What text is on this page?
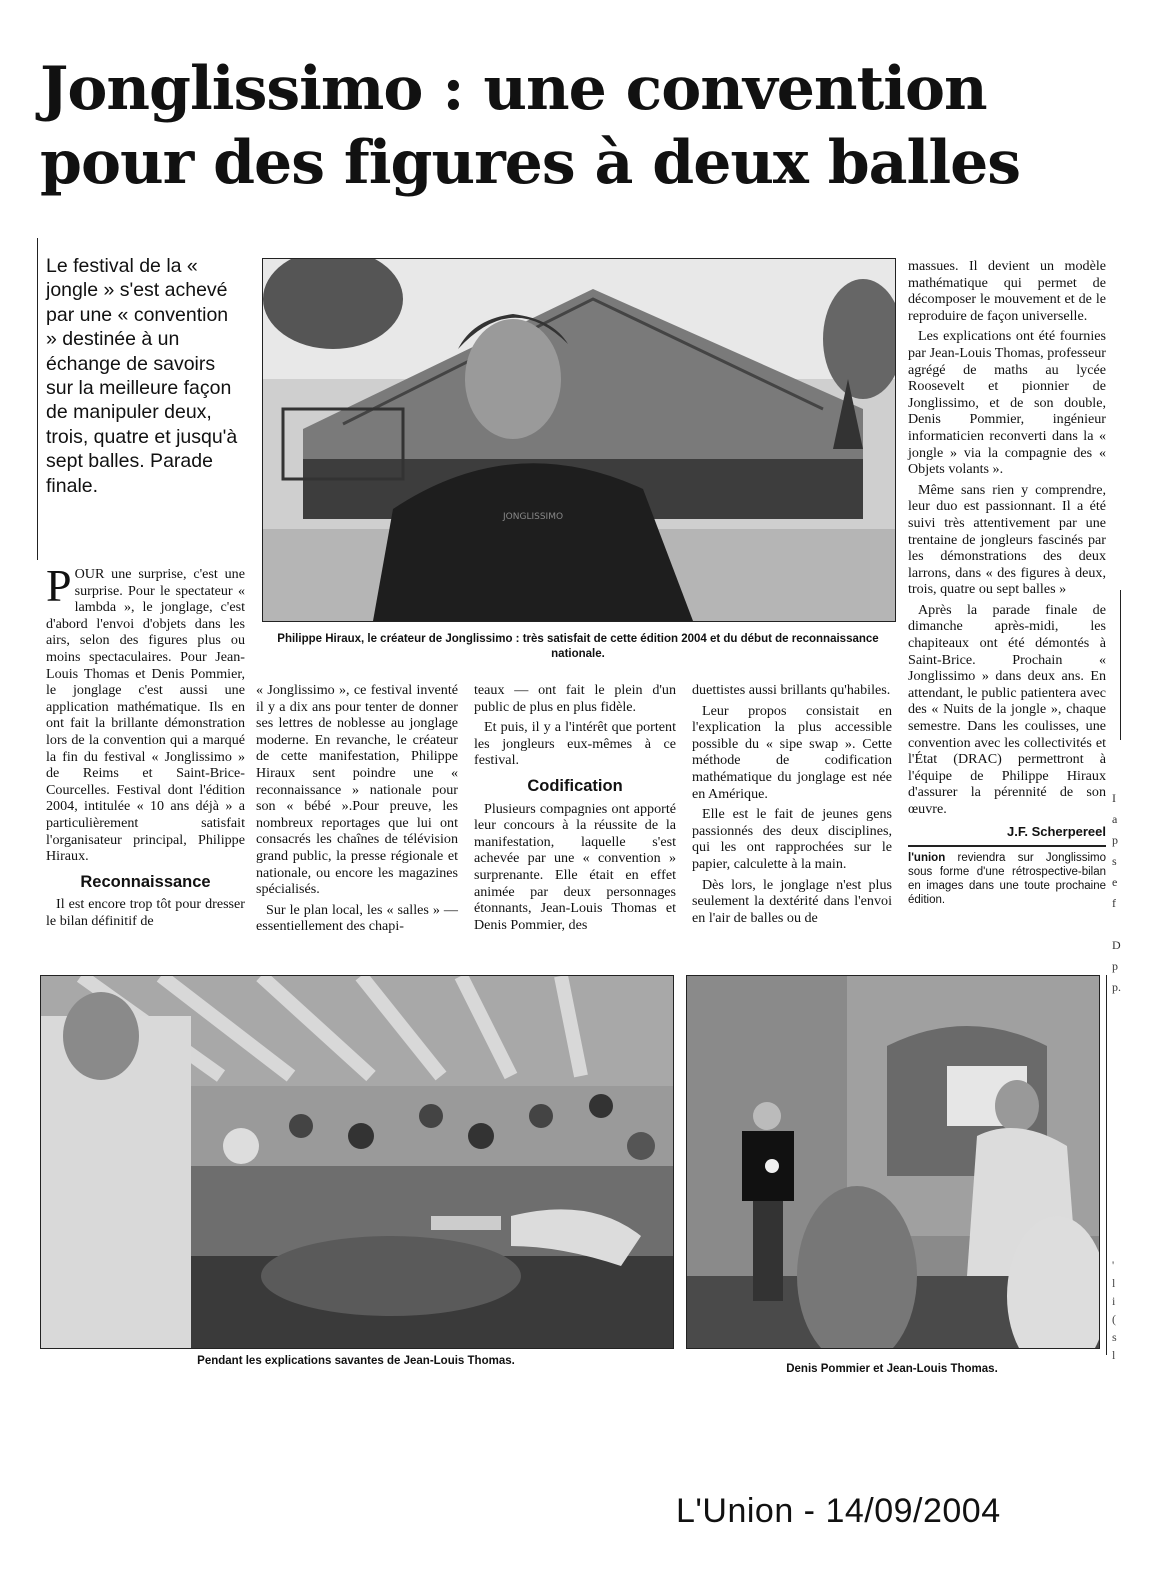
Jonglissimo : une convention
pour des figures à deux balles

Le festival de la « jongle » s'est achevé par une « convention » destinée à un échange de savoirs sur la meilleure façon de manipuler deux, trois, quatre et jusqu'à sept balles. Parade finale.

JONGLISSIMO
Philippe Hiraux, le créateur de Jonglissimo : très satisfait de cette édition 2004 et du début de reconnaissance nationale.

POUR une surprise, c'est une surprise. Pour le spectateur « lambda », le jonglage, c'est d'abord l'envoi d'objets dans les airs, selon des figures plus ou moins spectaculaires. Pour Jean-Louis Thomas et Denis Pommier, le jonglage c'est aussi une application mathématique. Ils en ont fait la brillante démonstration lors de la convention qui a marqué la fin du festival « Jonglissimo » de Reims et Saint-Brice-Courcelles. Festival dont l'édition 2004, intitulée « 10 ans déjà » a particulièrement satisfait l'organisateur principal, Philippe Hiraux.

Reconnaissance

Il est encore trop tôt pour dresser le bilan définitif de

« Jonglissimo », ce festival inventé il y a dix ans pour tenter de donner ses lettres de noblesse au jonglage moderne. En revanche, le créateur de cette manifestation, Philippe Hiraux sent poindre une « reconnaissance » nationale pour son « bébé ».Pour preuve, les nombreux reportages que lui ont consacrés les chaînes de télévision grand public, la presse régionale et nationale, ou encore les magazines spécialisés.

Sur le plan local, les « salles » — essentiellement des chapi-

teaux — ont fait le plein d'un public de plus en plus fidèle.

Et puis, il y a l'intérêt que portent les jongleurs eux-mêmes à ce festival.

Codification

Plusieurs compagnies ont apporté leur concours à la réussite de la manifestation, laquelle s'est achevée par une « convention » surprenante. Elle était en effet animée par deux personnages étonnants, Jean-Louis Thomas et Denis Pommier, des

duettistes aussi brillants qu'habiles.

Leur propos consistait en l'explication la plus accessible possible du « sipe swap ». Cette méthode de codification mathématique du jonglage est née en Amérique.

Elle est le fait de jeunes gens passionnés des deux disciplines, qui les ont rapprochées sur le papier, calculette à la main.

Dès lors, le jonglage n'est plus seulement la dextérité dans l'envoi en l'air de balles ou de

massues. Il devient un modèle mathématique qui permet de décomposer le mouvement et de le reproduire de façon universelle.

Les explications ont été fournies par Jean-Louis Thomas, professeur agrégé de maths au lycée Roosevelt et pionnier de Jonglissimo, et de son double, Denis Pommier, ingénieur informaticien reconverti dans la « jongle » via la compagnie des « Objets volants ».

Même sans rien y comprendre, leur duo est passionnant. Il a été suivi très attentivement par une trentaine de jongleurs fascinés par les démonstrations des deux larrons, dans « des figures à deux, trois, quatre ou sept balles »

Après la parade finale de dimanche après-midi, les chapiteaux ont été démontés à Saint-Brice. Prochain « Jonglissimo » dans deux ans. En attendant, le public patientera avec des « Nuits de la jongle », chaque semestre. Dans les coulisses, une convention avec les collectivités et l'État (DRAC) permettront à l'équipe de Philippe Hiraux d'assurer la pérennité de son œuvre.

J.F. Scherpereel
l'union reviendra sur Jonglissimo sous forme d'une rétrospective-bilan en images dans une toute prochaine édition.
Pendant les explications savantes de Jean-Louis Thomas.
Denis Pommier et Jean-Louis Thomas.
I
a
p
s
e
f
D
p
p.
'
l
i
(
s
l
L'Union - 14/09/2004
